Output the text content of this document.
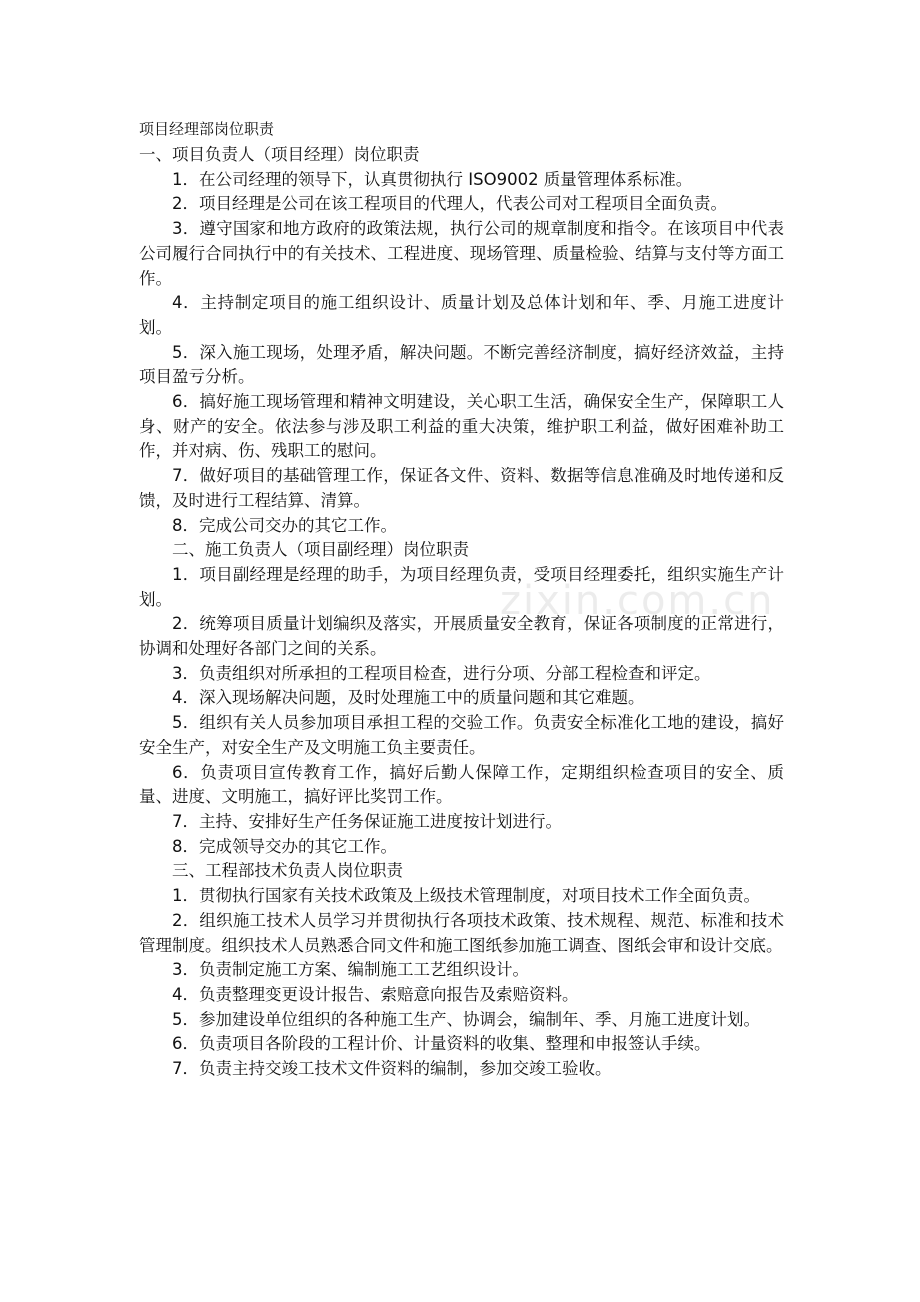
项目经理部岗位职责

一、项目负责人（项目经理）岗位职责

1．在公司经理的领导下，认真贯彻执行 ISO9002 质量管理体系标准。

2．项目经理是公司在该工程项目的代理人，代表公司对工程项目全面负责。

3．遵守国家和地方政府的政策法规，执行公司的规章制度和指令。在该项目中代表公司履行合同执行中的有关技术、工程进度、现场管理、质量检验、结算与支付等方面工作。

4．主持制定项目的施工组织设计、质量计划及总体计划和年、季、月施工进度计划。

5．深入施工现场，处理矛盾，解决问题。不断完善经济制度，搞好经济效益，主持项目盈亏分析。

6．搞好施工现场管理和精神文明建设，关心职工生活，确保安全生产，保障职工人身、财产的安全。依法参与涉及职工利益的重大决策，维护职工利益，做好困难补助工作，并对病、伤、残职工的慰问。

7．做好项目的基础管理工作，保证各文件、资料、数据等信息准确及时地传递和反馈，及时进行工程结算、清算。

8．完成公司交办的其它工作。

二、施工负责人（项目副经理）岗位职责

1．项目副经理是经理的助手，为项目经理负责，受项目经理委托，组织实施生产计划。

2．统筹项目质量计划编织及落实，开展质量安全教育，保证各项制度的正常进行，协调和处理好各部门之间的关系。

3．负责组织对所承担的工程项目检查，进行分项、分部工程检查和评定。

4．深入现场解决问题，及时处理施工中的质量问题和其它难题。

5．组织有关人员参加项目承担工程的交验工作。负责安全标准化工地的建设，搞好安全生产，对安全生产及文明施工负主要责任。

6．负责项目宣传教育工作，搞好后勤人保障工作，定期组织检查项目的安全、质量、进度、文明施工，搞好评比奖罚工作。

7．主持、安排好生产任务保证施工进度按计划进行。

8．完成领导交办的其它工作。

三、工程部技术负责人岗位职责

1．贯彻执行国家有关技术政策及上级技术管理制度，对项目技术工作全面负责。

2．组织施工技术人员学习并贯彻执行各项技术政策、技术规程、规范、标准和技术管理制度。组织技术人员熟悉合同文件和施工图纸参加施工调查、图纸会审和设计交底。

3．负责制定施工方案、编制施工工艺组织设计。

4．负责整理变更设计报告、索赔意向报告及索赔资料。

5．参加建设单位组织的各种施工生产、协调会，编制年、季、月施工进度计划。

6．负责项目各阶段的工程计价、计量资料的收集、整理和申报签认手续。

7．负责主持交竣工技术文件资料的编制，参加交竣工验收。

zixin.com.cn
